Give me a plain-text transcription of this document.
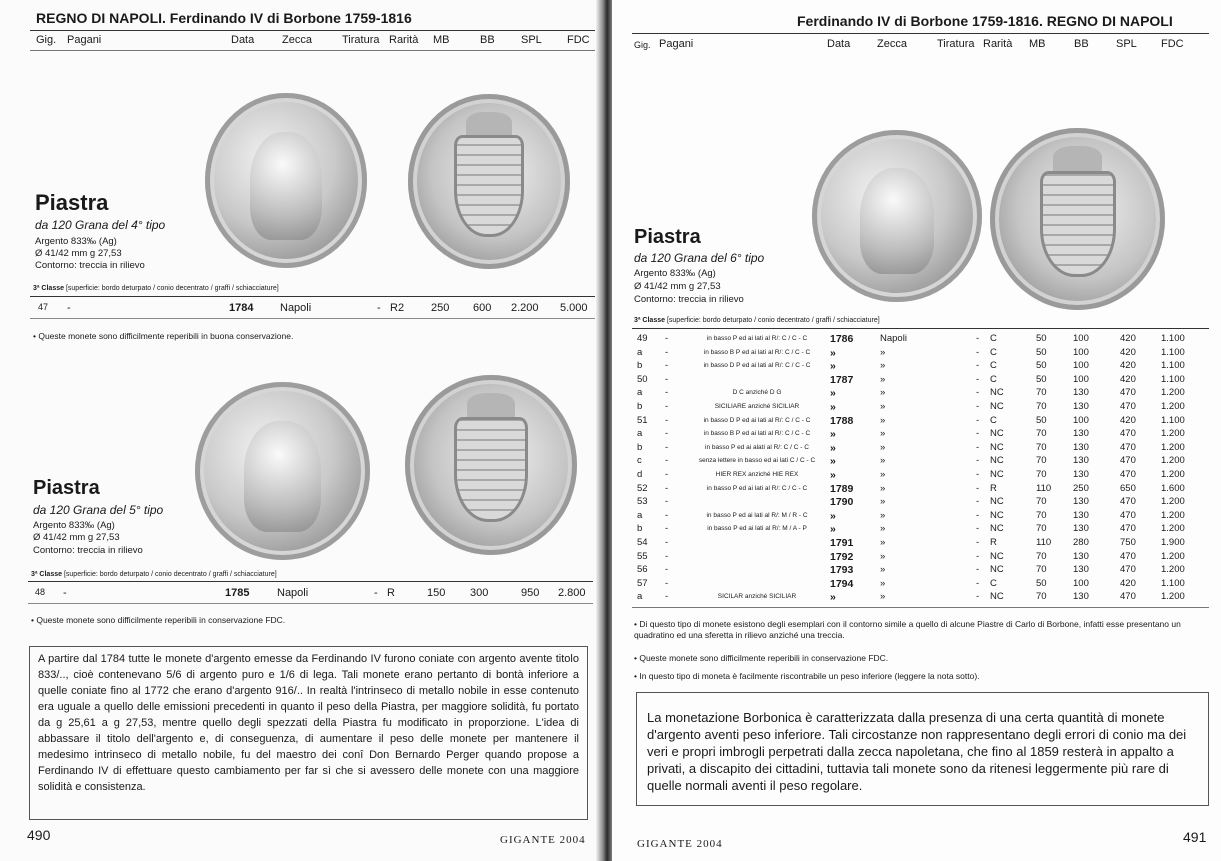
REGNO DI NAPOLI. Ferdinando IV di Borbone 1759-1816
Gig. Pagani	Data	Zecca	Tiratura Rarità MB	BB SPL FDC
Piastra
da 120 Grana del 4° tipo
Argento 833‰ (Ag)
Ø 41/42 mm g 27,53
Contorno: treccia in rilievo
3ª Classe [superficie: bordo deturpato / conio decentrato / graffi / schiacciature]
47 -	1784 Napoli	- R2 250 600 2.200 5.000
• Queste monete sono difficilmente reperibili in buona conservazione.
Piastra
da 120 Grana del 5° tipo
Argento 833‰ (Ag)
Ø 41/42 mm g 27,53
Contorno: treccia in rilievo
3ª Classe [superficie: bordo deturpato / conio decentrato / graffi / schiacciature]
48 -	1785	Napoli	- R	150 300	950 2.800
• Queste monete sono difficilmente reperibili in conservazione FDC.
A partire dal 1784 tutte le monete d'argento emesse da Ferdinando IV furono coniate con argento avente titolo 833/.., cioè contenevano 5/6 di argento puro e 1/6 di lega. Tali monete erano pertanto di bontà inferiore a quelle coniate fino al 1772 che erano d'argento 916/.. In realtà l'intrinseco di metallo nobile in esse contenuto era uguale a quello delle emissioni precedenti in quanto il peso della Piastra, per maggiore solidità, fu portato da g 25,61 a g 27,53, mentre quello degli spezzati della Piastra fu modificato in proporzione. L'idea di abbassare il titolo dell'argento e, di conseguenza, di aumentare il peso delle monete per mantenere il medesimo intrinseco di metallo nobile, fu del maestro dei conî Don Bernardo Perger quando propose a Ferdinando IV di effettuare questo cambiamento per far sì che si avessero delle monete con una maggiore solidità e consistenza.
490	GIGANTE 2004
Ferdinando IV di Borbone 1759-1816. REGNO DI NAPOLI
Gig. Pagani	Data Zecca	Tiratura Rarità MB	BB SPL FDC
Piastra
da 120 Grana del 6° tipo
Argento 833‰ (Ag)
Ø 41/42 mm g 27,53
Contorno: treccia in rilievo
3ª Classe [superficie: bordo deturpato / conio decentrato / graffi / schiacciature]
49 -	in basso P ed ai lati al R/: C / C - C	1786	Napoli	- C	50	100	420	1.100
a -	in basso B P ed ai lati al R/: C / C - C	»	»	- C	50	100	420	1.100
b -	in basso D P ed ai lati al R/: C / C - C	»	»	- C	50	100	420	1.100
50 -	1787	»	- C	50	100	420	1.100
a -	D C anziché D G	»	»	- NC	70	130	470	1.200
b -	SICILIARE anziché SICILIAR	»	»	- NC	70	130	470	1.200
51 -	in basso D P ed ai lati al R/: C / C - C	1788	»	- C	50	100	420	1.100
a -	in basso B P ed ai lati al R/: C / C - C	»	»	- NC	70	130	470	1.200
b -	in basso P ed ai alati al R/: C / C - C	»	»	- NC	70	130	470	1.200
c -	senza lettere in basso ed ai lati C / C - C	»	»	- NC	70	130	470	1.200
d -	HIER REX anziché HIE REX	»	»	- NC	70	130	470	1.200
52 -	in basso P ed ai lati al R/: C / C - C	1789	»	- R	110 250	650	1.600
53 -	1790	»	- NC	70	130	470	1.200
a -	in basso P ed ai lati al R/: M / R - C	»	»	- NC	70	130	470	1.200
b -	in basso P ed ai lati al R/: M / A - P	»	»	- NC	70	130	470	1.200
54 -	1791	»	- R	110 280	750	1.900
55 -	1792	»	- NC	70	130	470	1.200
56 -	1793	»	- NC	70	130	470	1.200
57 -	1794	»	- C	50	100	420	1.100
a -	SICILAR anziché SICILIAR	»	»	- NC	70	130	470	1.200
• Di questo tipo di monete esistono degli esemplari con il contorno simile a quello di alcune Piastre di Carlo di Borbone, infatti esse presentano un quadratino ed una sferetta in rilievo anziché una treccia.
• Queste monete sono difficilmente reperibili in conservazione FDC.
• In questo tipo di moneta è facilmente riscontrabile un peso inferiore (leggere la nota sotto).
La monetazione Borbonica è caratterizzata dalla presenza di una certa quantità di monete d'argento aventi peso inferiore. Tali circostanze non rappresentano degli errori di conio ma dei veri e propri imbrogli perpetrati dalla zecca napoletana, che fino al 1859 resterà in appalto a privati, a discapito dei cittadini, tuttavia tali monete sono da ritenesi leggermente più rare di quelle normali aventi il peso regolare.
GIGANTE 2004	491
